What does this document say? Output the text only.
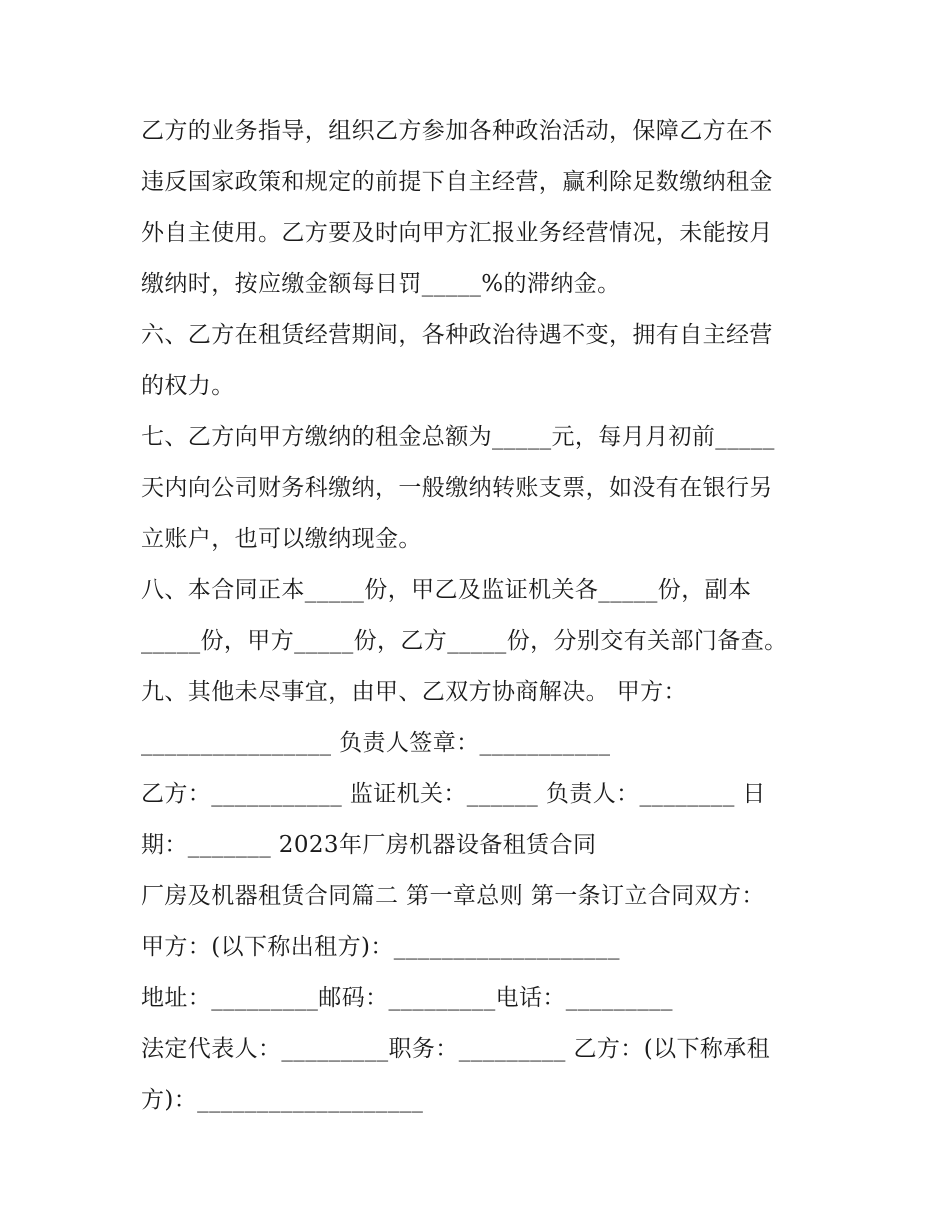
乙方的业务指导，组织乙方参加各种政治活动，保障乙方在不
违反国家政策和规定的前提下自主经营，赢利除足数缴纳租金
外自主使用。乙方要及时向甲方汇报业务经营情况，未能按月
缴纳时，按应缴金额每日罚_____%的滞纳金。
六、乙方在租赁经营期间，各种政治待遇不变，拥有自主经营
的权力。
七、乙方向甲方缴纳的租金总额为_____元，每月月初前_____
天内向公司财务科缴纳，一般缴纳转账支票，如没有在银行另
立账户，也可以缴纳现金。
八、本合同正本_____份，甲乙及监证机关各_____份，副本
_____份，甲方_____份，乙方_____份，分别交有关部门备查。
九、其他未尽事宜，由甲、乙双方协商解决。 甲方：
________________ 负责人签章：___________
乙方：___________ 监证机关：______ 负责人：________ 日
期：_______ 2023年厂房机器设备租赁合同
厂房及机器租赁合同篇二 第一章总则 第一条订立合同双方：
甲方：(以下称出租方)：___________________
地址：_________邮码：_________电话：_________
法定代表人：_________职务：_________ 乙方：(以下称承租
方)：___________________
